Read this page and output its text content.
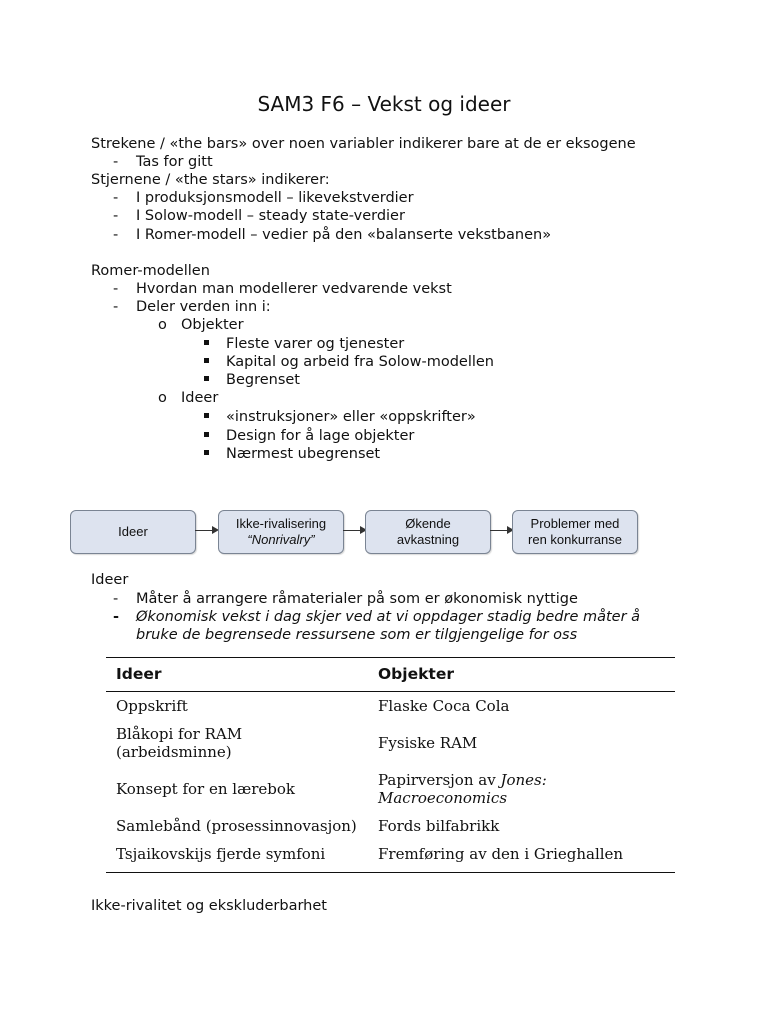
SAM3 F6 – Vekst og ideer
Strekene / «the bars» over noen variabler indikerer bare at de er eksogene
- Tas for gitt
Stjernene / «the stars» indikerer:
- I produksjonsmodell – likevekstverdier
- I Solow-modell – steady state-verdier
- I Romer-modell – vedier på den «balanserte vekstbanen»
Romer-modellen
- Hvordan man modellerer vedvarende vekst
- Deler verden inn i:
o Objekter
Fleste varer og tjenester
Kapital og arbeid fra Solow-modellen
Begrenset
o Ideer
«instruksjoner» eller «oppskrifter»
Design for å lage objekter
Nærmest ubegrenset
Ideer
Ikke-rivalisering
“Nonrivalry”
Økende
avkastning
Problemer med
ren konkurranse
Ideer
- Måter å arrangere råmaterialer på som er økonomisk nyttige
- Økonomisk vekst i dag skjer ved at vi oppdager stadig bedre måter å
bruke de begrensede ressursene som er tilgjengelige for oss
Ideer	Objekter
Oppskrift	Flaske Coca Cola
Blåkopi for RAM (arbeidsminne)	Fysiske RAM
Konsept for en lærebok	Papirversjon av Jones: Macroeconomics
Samlebånd (prosessinnovasjon)	Fords bilfabrikk
Tsjaikovskijs fjerde symfoni	Fremføring av den i Grieghallen
Ikke-rivalitet og ekskluderbarhet
